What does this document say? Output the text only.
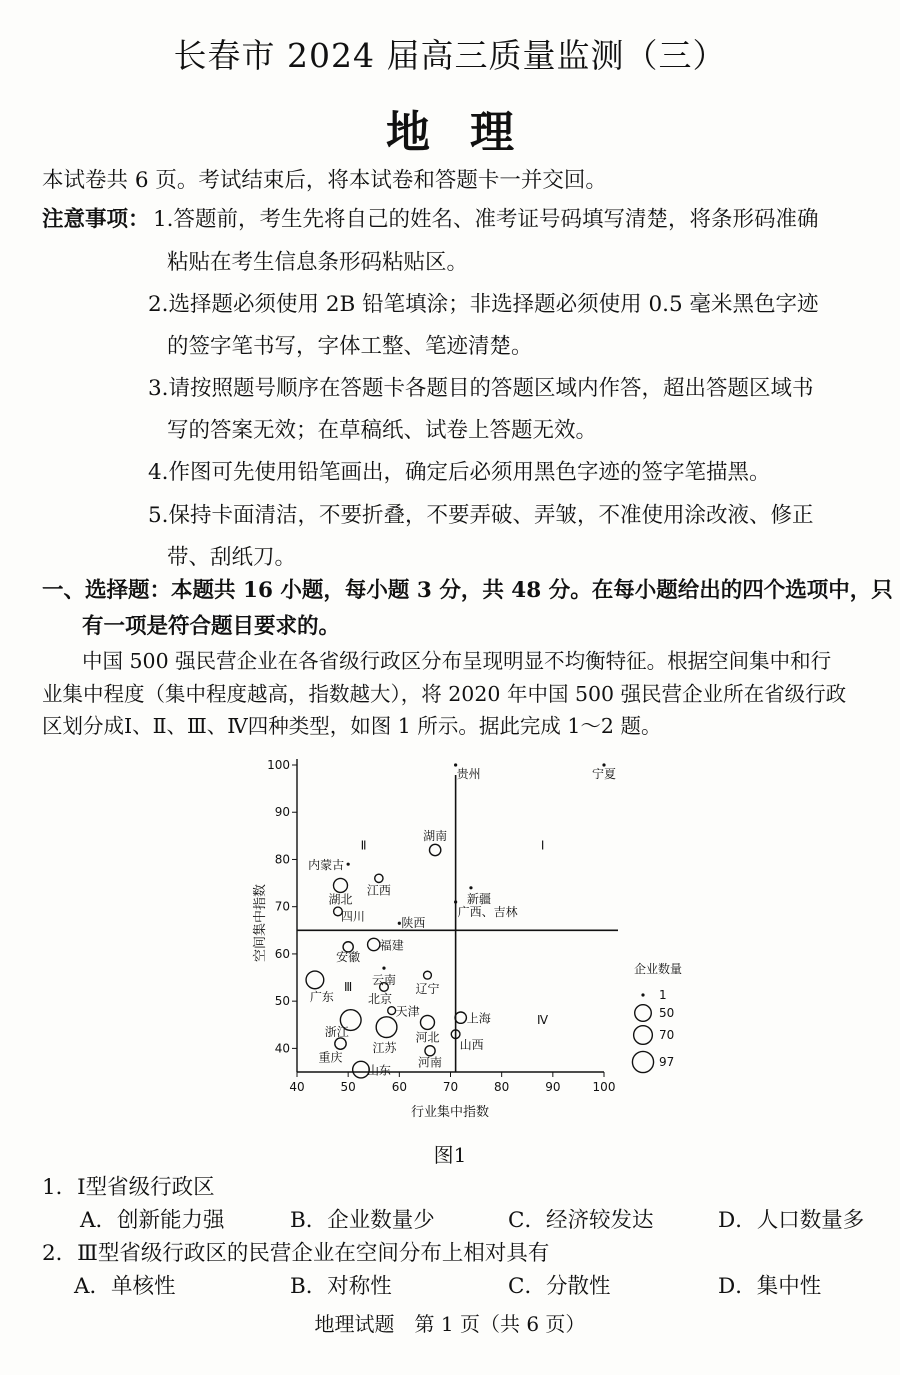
长春市 2024 届高三质量监测（三）
地理
本试卷共 6 页。考试结束后，将本试卷和答题卡一并交回。
注意事项： 1.答题前，考生先将自己的姓名、准考证号码填写清楚，将条形码准确
粘贴在考生信息条形码粘贴区。
2.选择题必须使用 2B 铅笔填涂；非选择题必须使用 0.5 毫米黑色字迹
的签字笔书写，字体工整、笔迹清楚。
3.请按照题号顺序在答题卡各题目的答题区域内作答，超出答题区域书
写的答案无效；在草稿纸、试卷上答题无效。
4.作图可先使用铅笔画出，确定后必须用黑色字迹的签字笔描黑。
5.保持卡面清洁，不要折叠，不要弄破、弄皱，不准使用涂改液、修正
带、刮纸刀。
一、选择题：本题共 16 小题，每小题 3 分，共 48 分。在每小题给出的四个选项中，只
有一项是符合题目要求的。
中国 500 强民营企业在各省级行政区分布呈现明显不均衡特征。根据空间集中和行
业集中程度（集中程度越高，指数越大），将 2020 年中国 500 强民营企业所在省级行政
区划分成Ⅰ、Ⅱ、Ⅲ、Ⅳ四种类型，如图 1 所示。据此完成 1～2 题。
40	50	60	70	80	90	100
40
50
60
70
80
90
100
Ⅰ
Ⅱ
Ⅲ
Ⅳ
贵州	宁夏
内蒙古
湖南
江西
湖北	新疆
四川	陕西
广西、吉林
福建
安徽
云南
辽宁
广东	北京
天津
浙江
江苏
上海
河北
山西
重庆	河南
山东
企业数量
1
50
70
97
行业集中指数
空间集中指数
图1
1．Ⅰ型省级行政区
A．创新能力强	B．企业数量少	C．经济较发达	D．人口数量多
2．Ⅲ型省级行政区的民营企业在空间分布上相对具有
A．单核性	B．对称性	C．分散性	D．集中性
地理试题　第 1 页（共 6 页）
